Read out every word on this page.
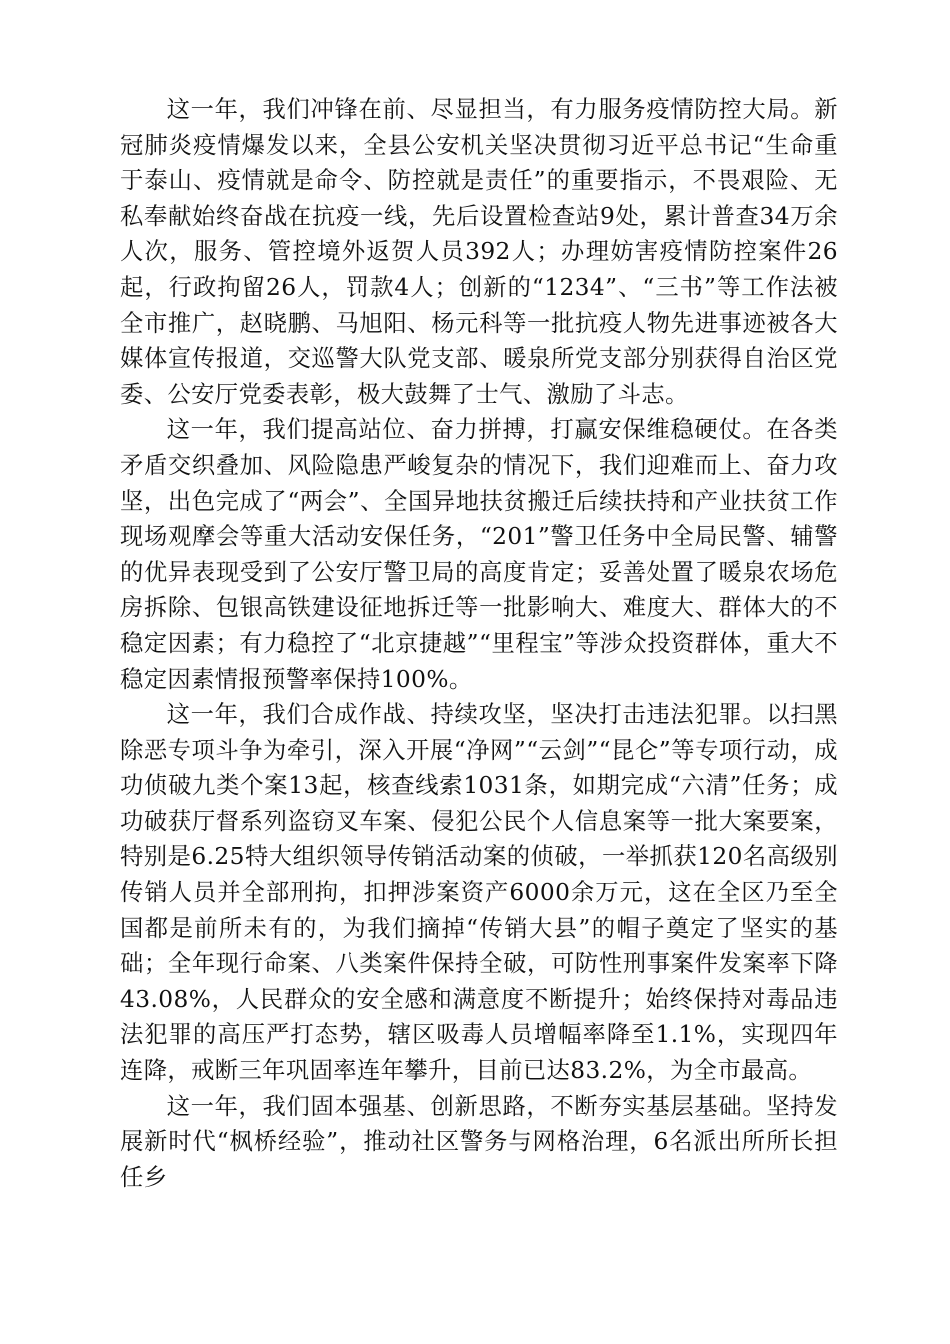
这一年，我们冲锋在前、尽显担当，有力服务疫情防控大局。新冠肺炎疫情爆发以来，全县公安机关坚决贯彻习近平总书记“生命重于泰山、疫情就是命令、防控就是责任”的重要指示，不畏艰险、无私奉献始终奋战在抗疫一线，先后设置检查站9处，累计普查34万余人次，服务、管控境外返贺人员392人；办理妨害疫情防控案件26起，行政拘留26人，罚款4人；创新的“1234”、“三书”等工作法被全市推广，赵晓鹏、马旭阳、杨元科等一批抗疫人物先进事迹被各大媒体宣传报道，交巡警大队党支部、暖泉所党支部分别获得自治区党委、公安厅党委表彰，极大鼓舞了士气、激励了斗志。

这一年，我们提高站位、奋力拼搏，打赢安保维稳硬仗。在各类矛盾交织叠加、风险隐患严峻复杂的情况下，我们迎难而上、奋力攻坚，出色完成了“两会”、全国异地扶贫搬迁后续扶持和产业扶贫工作现场观摩会等重大活动安保任务，“201”警卫任务中全局民警、辅警的优异表现受到了公安厅警卫局的高度肯定；妥善处置了暖泉农场危房拆除、包银高铁建设征地拆迁等一批影响大、难度大、群体大的不稳定因素；有力稳控了“北京捷越”“里程宝”等涉众投资群体，重大不稳定因素情报预警率保持100%。

这一年，我们合成作战、持续攻坚，坚决打击违法犯罪。以扫黑除恶专项斗争为牵引，深入开展“净网”“云剑”“昆仑”等专项行动，成功侦破九类个案13起，核查线索1031条，如期完成“六清”任务；成功破获厅督系列盗窃叉车案、侵犯公民个人信息案等一批大案要案，特别是6.25特大组织领导传销活动案的侦破，一举抓获120名高级别传销人员并全部刑拘，扣押涉案资产6000余万元，这在全区乃至全国都是前所未有的，为我们摘掉“传销大县”的帽子奠定了坚实的基础；全年现行命案、八类案件保持全破，可防性刑事案件发案率下降43.08%，人民群众的安全感和满意度不断提升；始终保持对毒品违法犯罪的高压严打态势，辖区吸毒人员增幅率降至1.1%，实现四年连降，戒断三年巩固率连年攀升，目前已达83.2%，为全市最高。

这一年，我们固本强基、创新思路，不断夯实基层基础。坚持发展新时代“枫桥经验”，推动社区警务与网格治理，6名派出所所长担任乡
